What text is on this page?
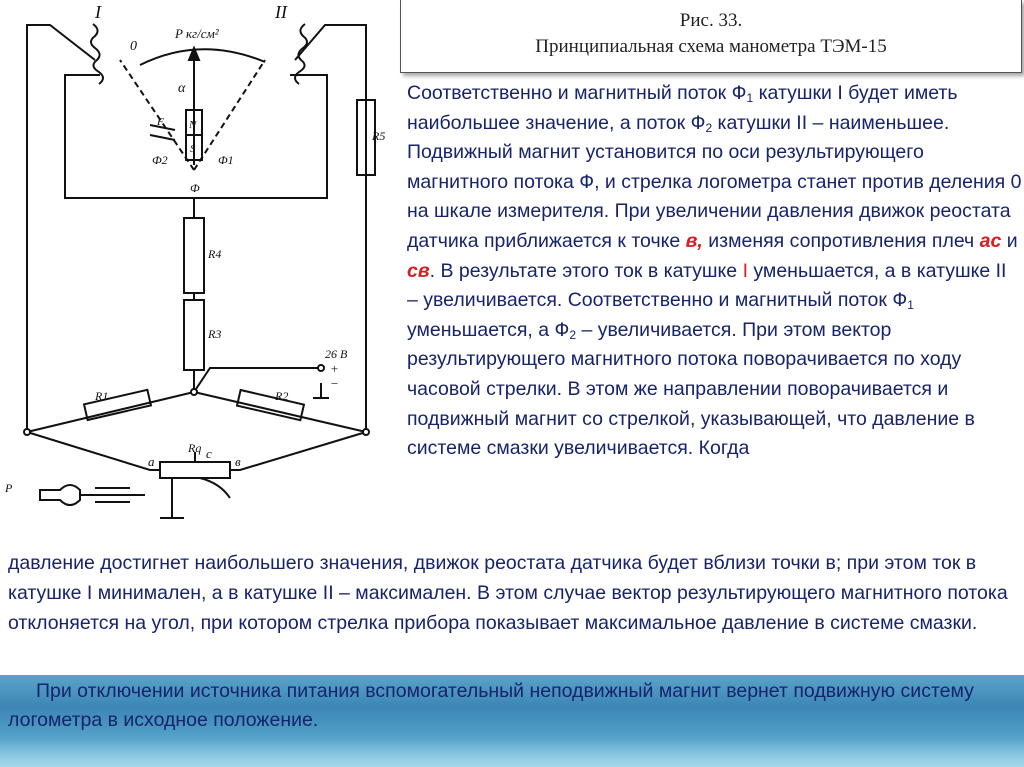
I	II
P кг/см²
0
α
N
S
F
Ф2	Ф1
Ф
R5
R4
R3
R1	R2
Rq
а
с
в
26 В
+
−
P
Рис. 33.
Принципиальная схема манометра ТЭМ-15
Соответственно и магнитный поток $Ф_1$ катушки I будет иметь наибольшее значение, а поток $Ф_2$ катушки II – наименьшее. Подвижный магнит установится по оси результирующего магнитного потока Ф, и стрелка логометра станет против деления 0 на шкале измерителя. При увеличении давления движок реостата датчика приближается к точке в, изменяя сопротивления плеч ас и св. В результате этого ток в катушке I уменьшается, а в катушке II – увеличивается. Соответственно и магнитный поток $Ф_1$ уменьшается, а $Ф_2$ – увеличивается. При этом вектор результирующего магнитного потока поворачивается по ходу часовой стрелки. В этом же направлении поворачивается и подвижный магнит со стрелкой, указывающей, что давление в системе смазки увеличивается. Когда
давление достигнет наибольшего значения, движок реостата датчика будет вблизи точки в; при этом ток в катушке I минимален, а в катушке II – максимален. В этом случае вектор результирующего магнитного потока отклоняется на угол, при котором стрелка прибора показывает максимальное давление в системе смазки.
При отключении источника питания вспомогательный неподвижный магнит вернет подвижную систему логометра в исходное положение.
